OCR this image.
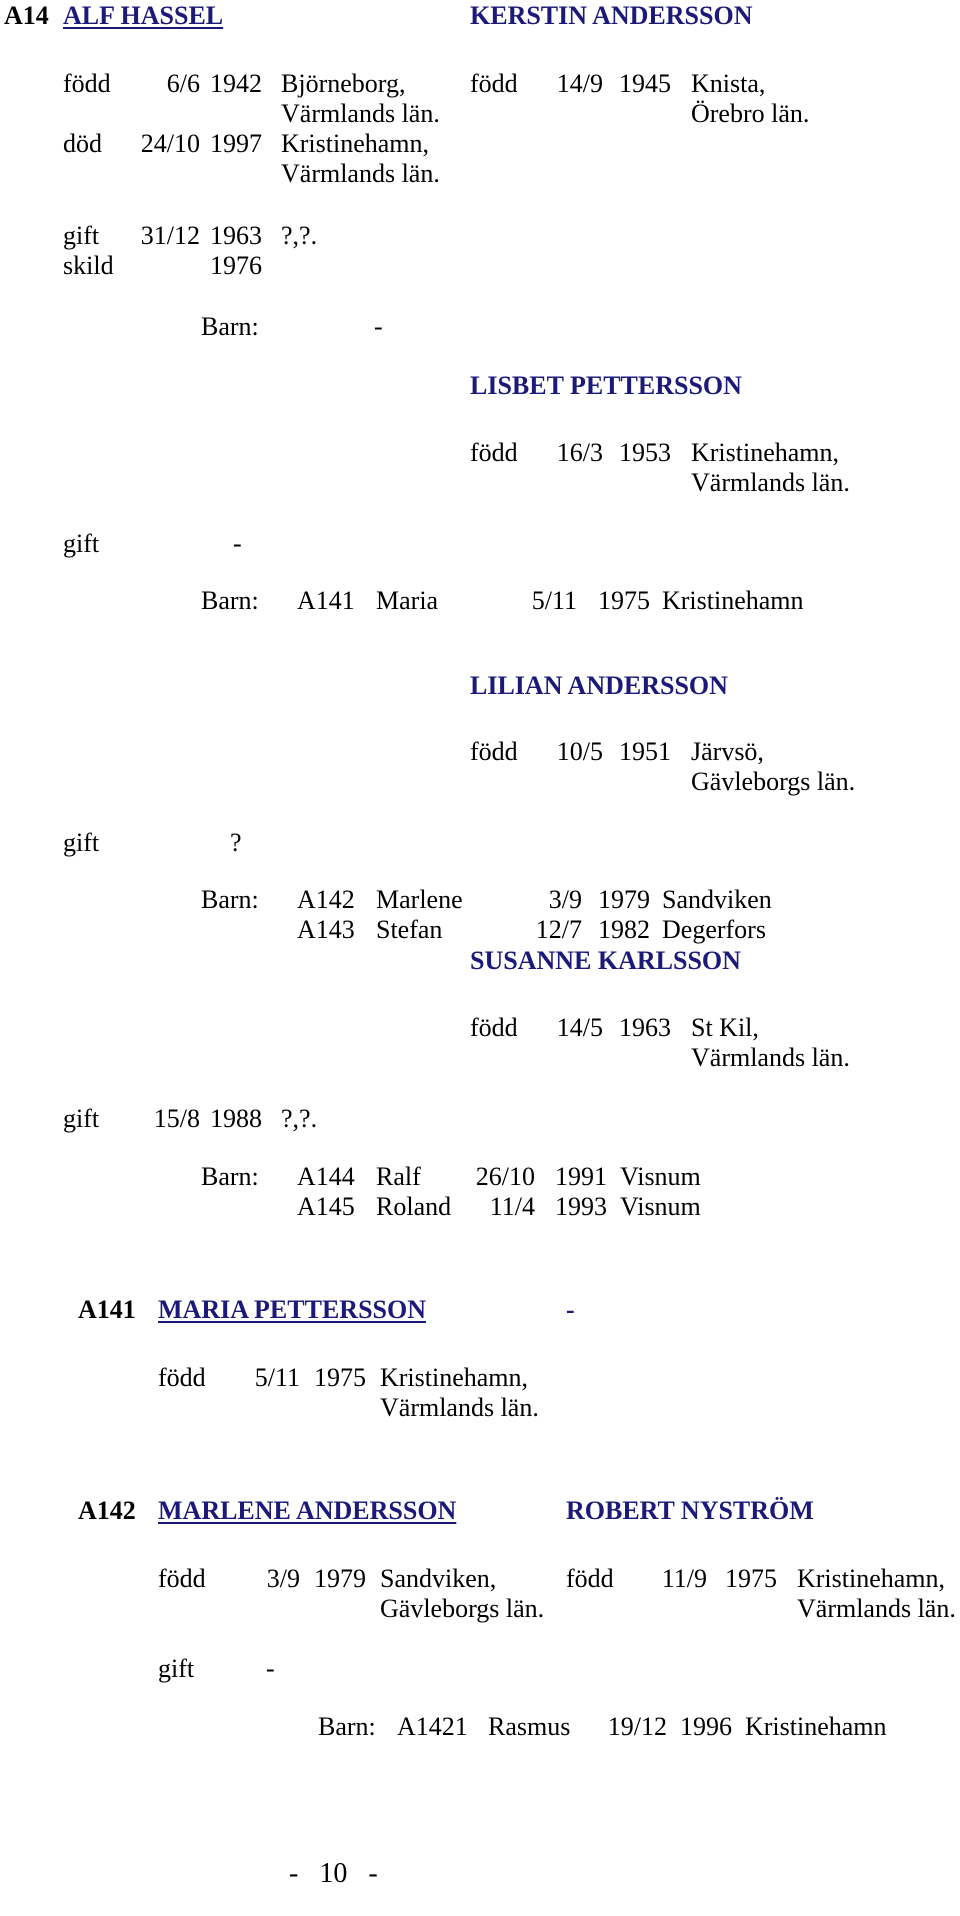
A14 ALF HASSEL	KERSTIN ANDERSSON
född	6/6 1942 Björneborg,
Värmlands län.
död	24/10 1997 Kristinehamn,
Värmlands län.
född	14/9 1945 Knista,
Örebro län.
gift	31/12 1963 ?,?.
skild	1976
Barn:	-
LISBET PETTERSSON
född	16/3 1953 Kristinehamn,
Värmlands län.
gift	-
Barn: A141 Maria	5/11 1975 Kristinehamn
LILIAN ANDERSSON
född	10/5 1951 Järvsö,
Gävleborgs län.
gift	?
Barn: A142 Marlene	3/9 1979 Sandviken
A143 Stefan	12/7 1982 Degerfors
SUSANNE KARLSSON
född	14/5 1963 St Kil,
Värmlands län.
gift	15/8 1988 ?,?.
Barn: A144 Ralf	26/10 1991 Visnum
A145 Roland	11/4 1993 Visnum
A141 MARIA PETTERSSON	-
född	5/11 1975 Kristinehamn,
Värmlands län.
A142 MARLENE ANDERSSON	ROBERT NYSTRÖM
född	3/9 1979 Sandviken,
Gävleborgs län.
född	11/9 1975 Kristinehamn,
Värmlands län.
gift	-
Barn: A1421 Rasmus	19/12 1996 Kristinehamn
-   10   -
